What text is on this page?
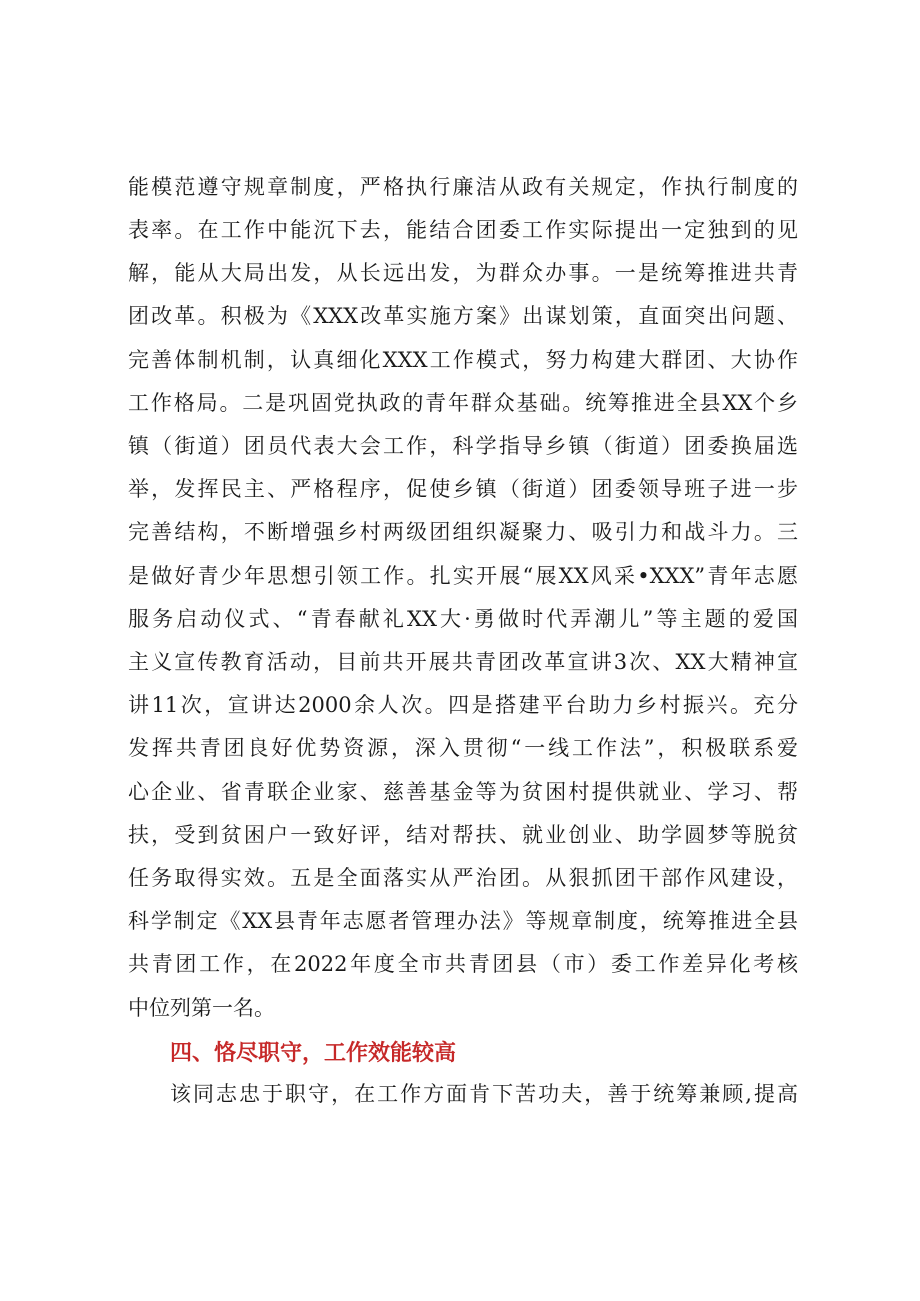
能模范遵守规章制度，严格执行廉洁从政有关规定，作执行制度的
表率。在工作中能沉下去，能结合团委工作实际提出一定独到的见
解，能从大局出发，从长远出发，为群众办事。一是统筹推进共青
团改革。积极为《XXX改革实施方案》出谋划策，直面突出问题、
完善体制机制，认真细化XXX工作模式，努力构建大群团、大协作
工作格局。二是巩固党执政的青年群众基础。统筹推进全县XX个乡
镇（街道）团员代表大会工作，科学指导乡镇（街道）团委换届选
举，发挥民主、严格程序，促使乡镇（街道）团委领导班子进一步
完善结构，不断增强乡村两级团组织凝聚力、吸引力和战斗力。三
是做好青少年思想引领工作。扎实开展“展XX风采•XXX”青年志愿
服务启动仪式、“青春献礼XX大·勇做时代弄潮儿”等主题的爱国
主义宣传教育活动，目前共开展共青团改革宣讲3次、XX大精神宣
讲11次，宣讲达2000余人次。四是搭建平台助力乡村振兴。充分
发挥共青团良好优势资源，深入贯彻“一线工作法”，积极联系爱
心企业、省青联企业家、慈善基金等为贫困村提供就业、学习、帮
扶，受到贫困户一致好评，结对帮扶、就业创业、助学圆梦等脱贫
任务取得实效。五是全面落实从严治团。从狠抓团干部作风建设，
科学制定《XX县青年志愿者管理办法》等规章制度，统筹推进全县
共青团工作，在2022年度全市共青团县（市）委工作差异化考核
中位列第一名。
四、恪尽职守，工作效能较高
该同志忠于职守，在工作方面肯下苦功夫，善于统筹兼顾,提高
